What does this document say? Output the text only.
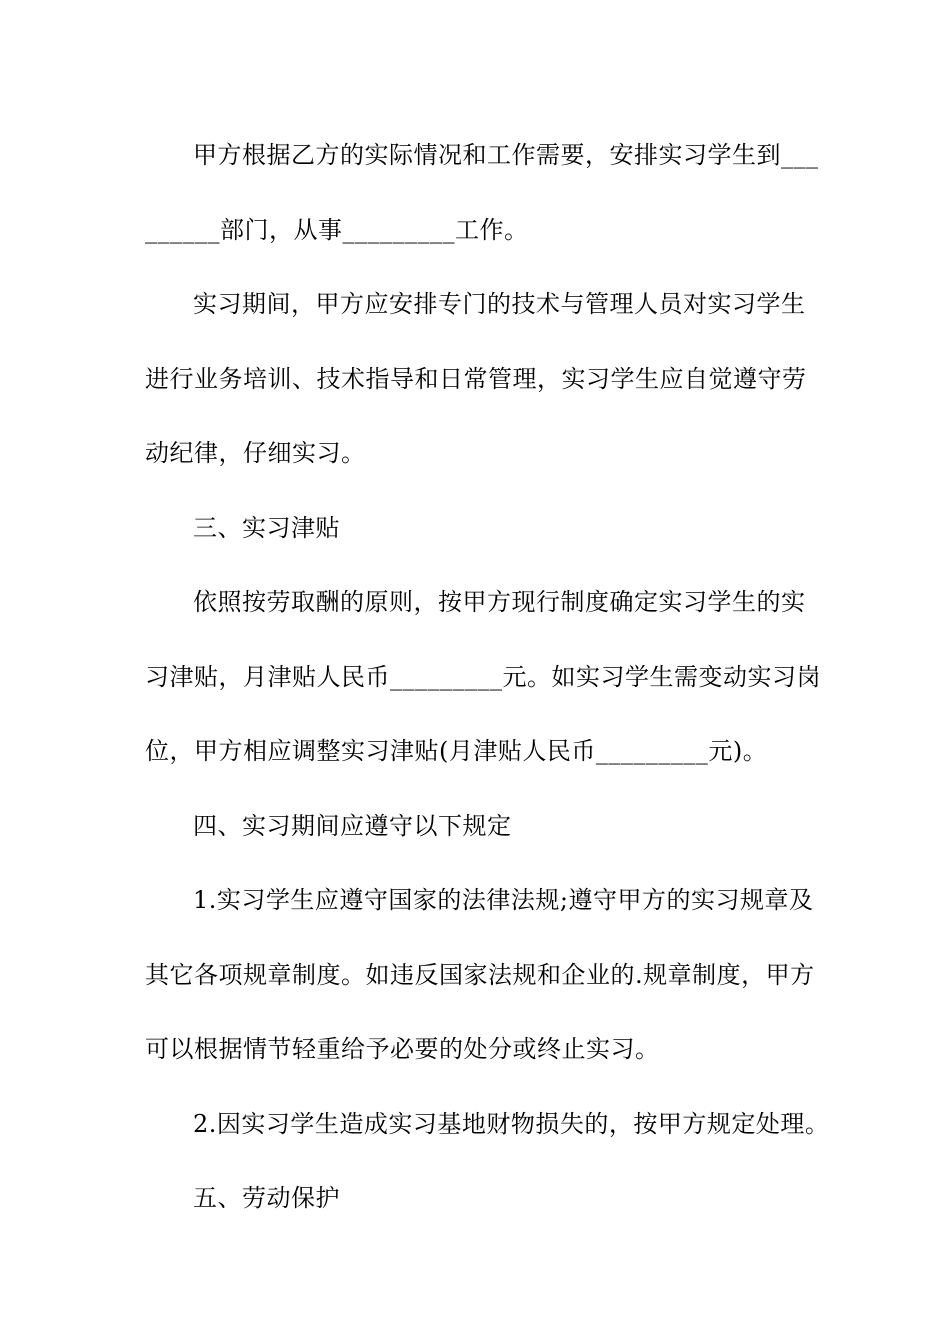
甲方根据乙方的实际情况和工作需要，安排实习学生到___
______部门，从事_________工作。
实习期间，甲方应安排专门的技术与管理人员对实习学生
进行业务培训、技术指导和日常管理，实习学生应自觉遵守劳
动纪律，仔细实习。
三、实习津贴
依照按劳取酬的原则，按甲方现行制度确定实习学生的实
习津贴，月津贴人民币_________元。如实习学生需变动实习岗
位，甲方相应调整实习津贴(月津贴人民币_________元)。
四、实习期间应遵守以下规定
1.实习学生应遵守国家的法律法规;遵守甲方的实习规章及
其它各项规章制度。如违反国家法规和企业的.规章制度，甲方
可以根据情节轻重给予必要的处分或终止实习。
2.因实习学生造成实习基地财物损失的，按甲方规定处理。
五、劳动保护
